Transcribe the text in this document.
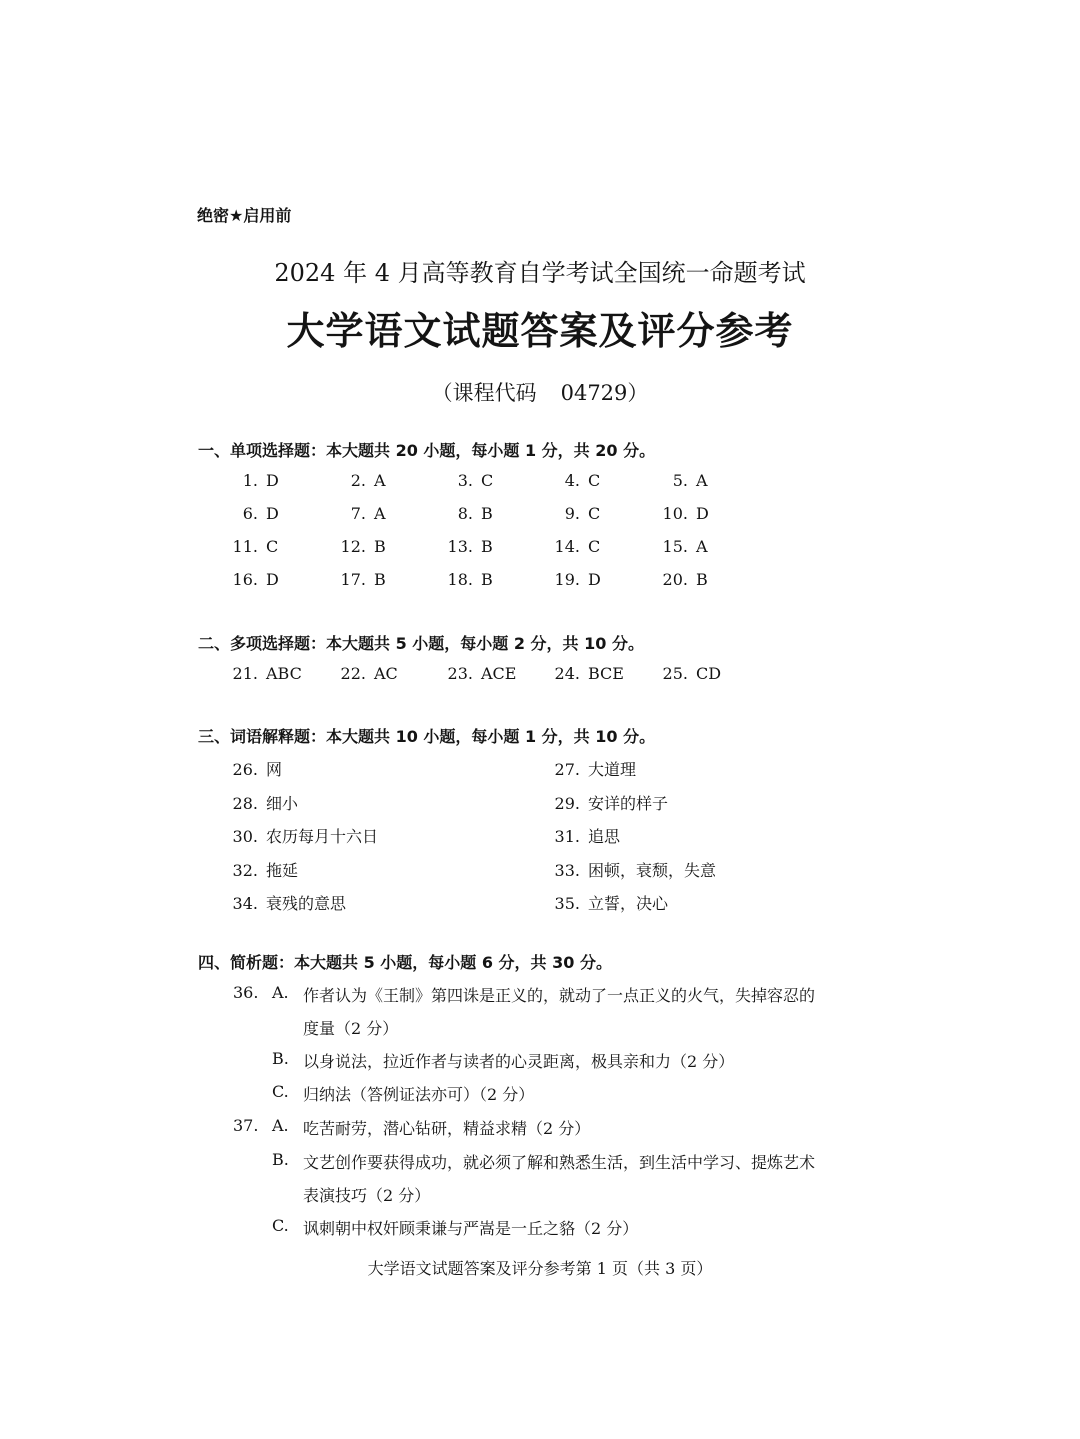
绝密★启用前
2024 年 4 月高等教育自学考试全国统一命题考试
大学语文试题答案及评分参考
（课程代码 04729）
一、单项选择题：本大题共 20 小题，每小题 1 分，共 20 分。
1. D	2. A	3. C	4. C	5. A
6. D	7. A	8. B	9. C	10. D
11. C	12. B	13. B	14. C	15. A
16. D	17. B	18. B	19. D	20. B
二、多项选择题：本大题共 5 小题，每小题 2 分，共 10 分。
21. ABC 22. AC	23. ACE 24. BCE 25. CD
三、词语解释题：本大题共 10 小题，每小题 1 分，共 10 分。
26. 网	27. 大道理
28. 细小	29. 安详的样子
30. 农历每月十六日	31. 追思
32. 拖延	33. 困顿，衰颓，失意
34. 衰残的意思	35. 立誓，决心
四、简析题：本大题共 5 小题，每小题 6 分，共 30 分。
36. A. 作者认为《王制》第四诛是正义的，就动了一点正义的火气，失掉容忍的
度量（2 分）
B. 以身说法，拉近作者与读者的心灵距离，极具亲和力（2 分）
C. 归纳法（答例证法亦可）（2 分）
37. A. 吃苦耐劳，潜心钻研，精益求精（2 分）
B. 文艺创作要获得成功，就必须了解和熟悉生活，到生活中学习、提炼艺术
表演技巧（2 分）
C. 讽刺朝中权奸顾秉谦与严嵩是一丘之貉（2 分）
大学语文试题答案及评分参考第 1 页（共 3 页）
